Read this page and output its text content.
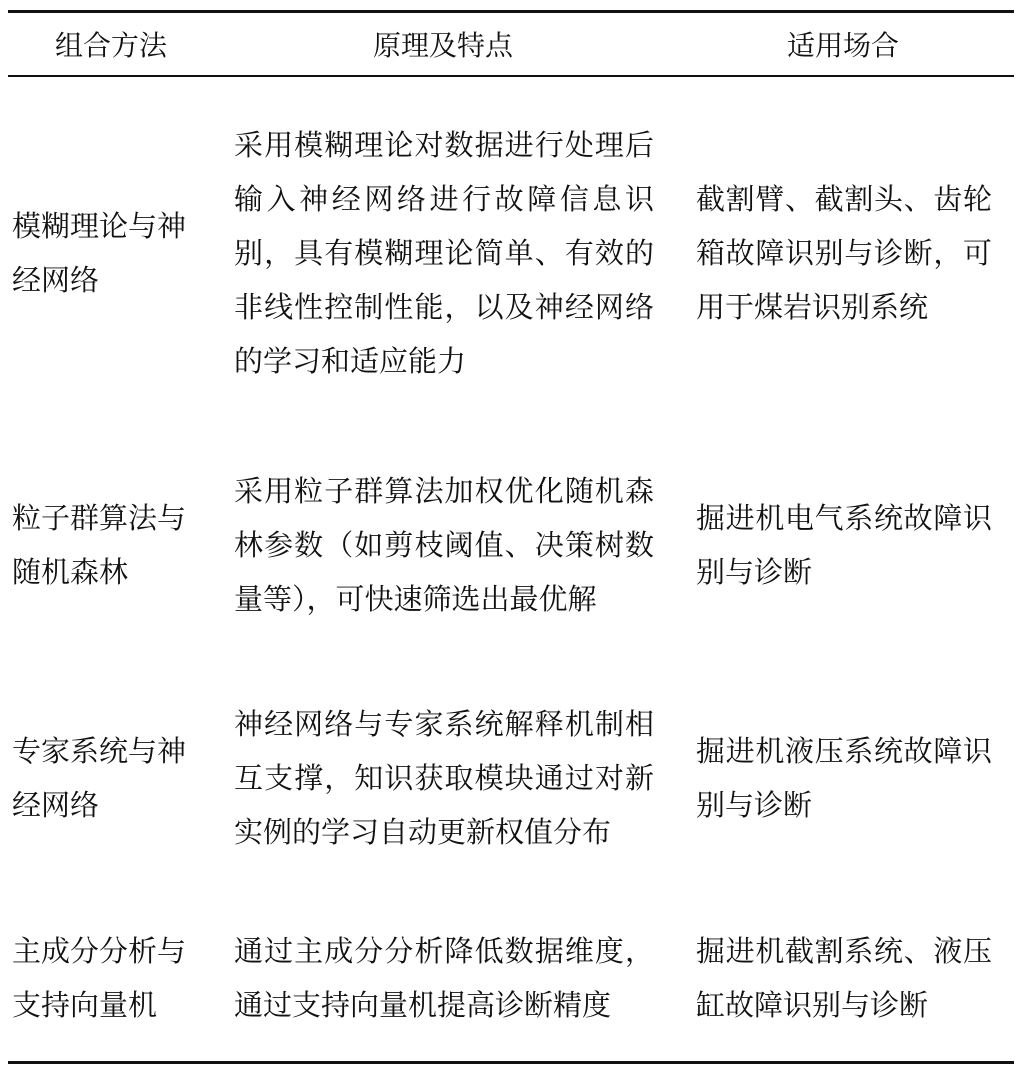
组合方法	原理及特点	适用场合

模糊理论与神经网络	采用模糊理论对数据进行处理后输入神经网络进行故障信息识别，具有模糊理论简单、有效的非线性控制性能，以及神经网络的学习和适应能力	截割臂、截割头、齿轮箱故障识别与诊断，可用于煤岩识别系统

粒子群算法与随机森林	采用粒子群算法加权优化随机森林参数（如剪枝阈值、决策树数量等），可快速筛选出最优解	掘进机电气系统故障识别与诊断

专家系统与神经网络	神经网络与专家系统解释机制相互支撑，知识获取模块通过对新实例的学习自动更新权值分布	掘进机液压系统故障识别与诊断

主成分分析与支持向量机	通过主成分分析降低数据维度，通过支持向量机提高诊断精度	掘进机截割系统、液压缸故障识别与诊断
